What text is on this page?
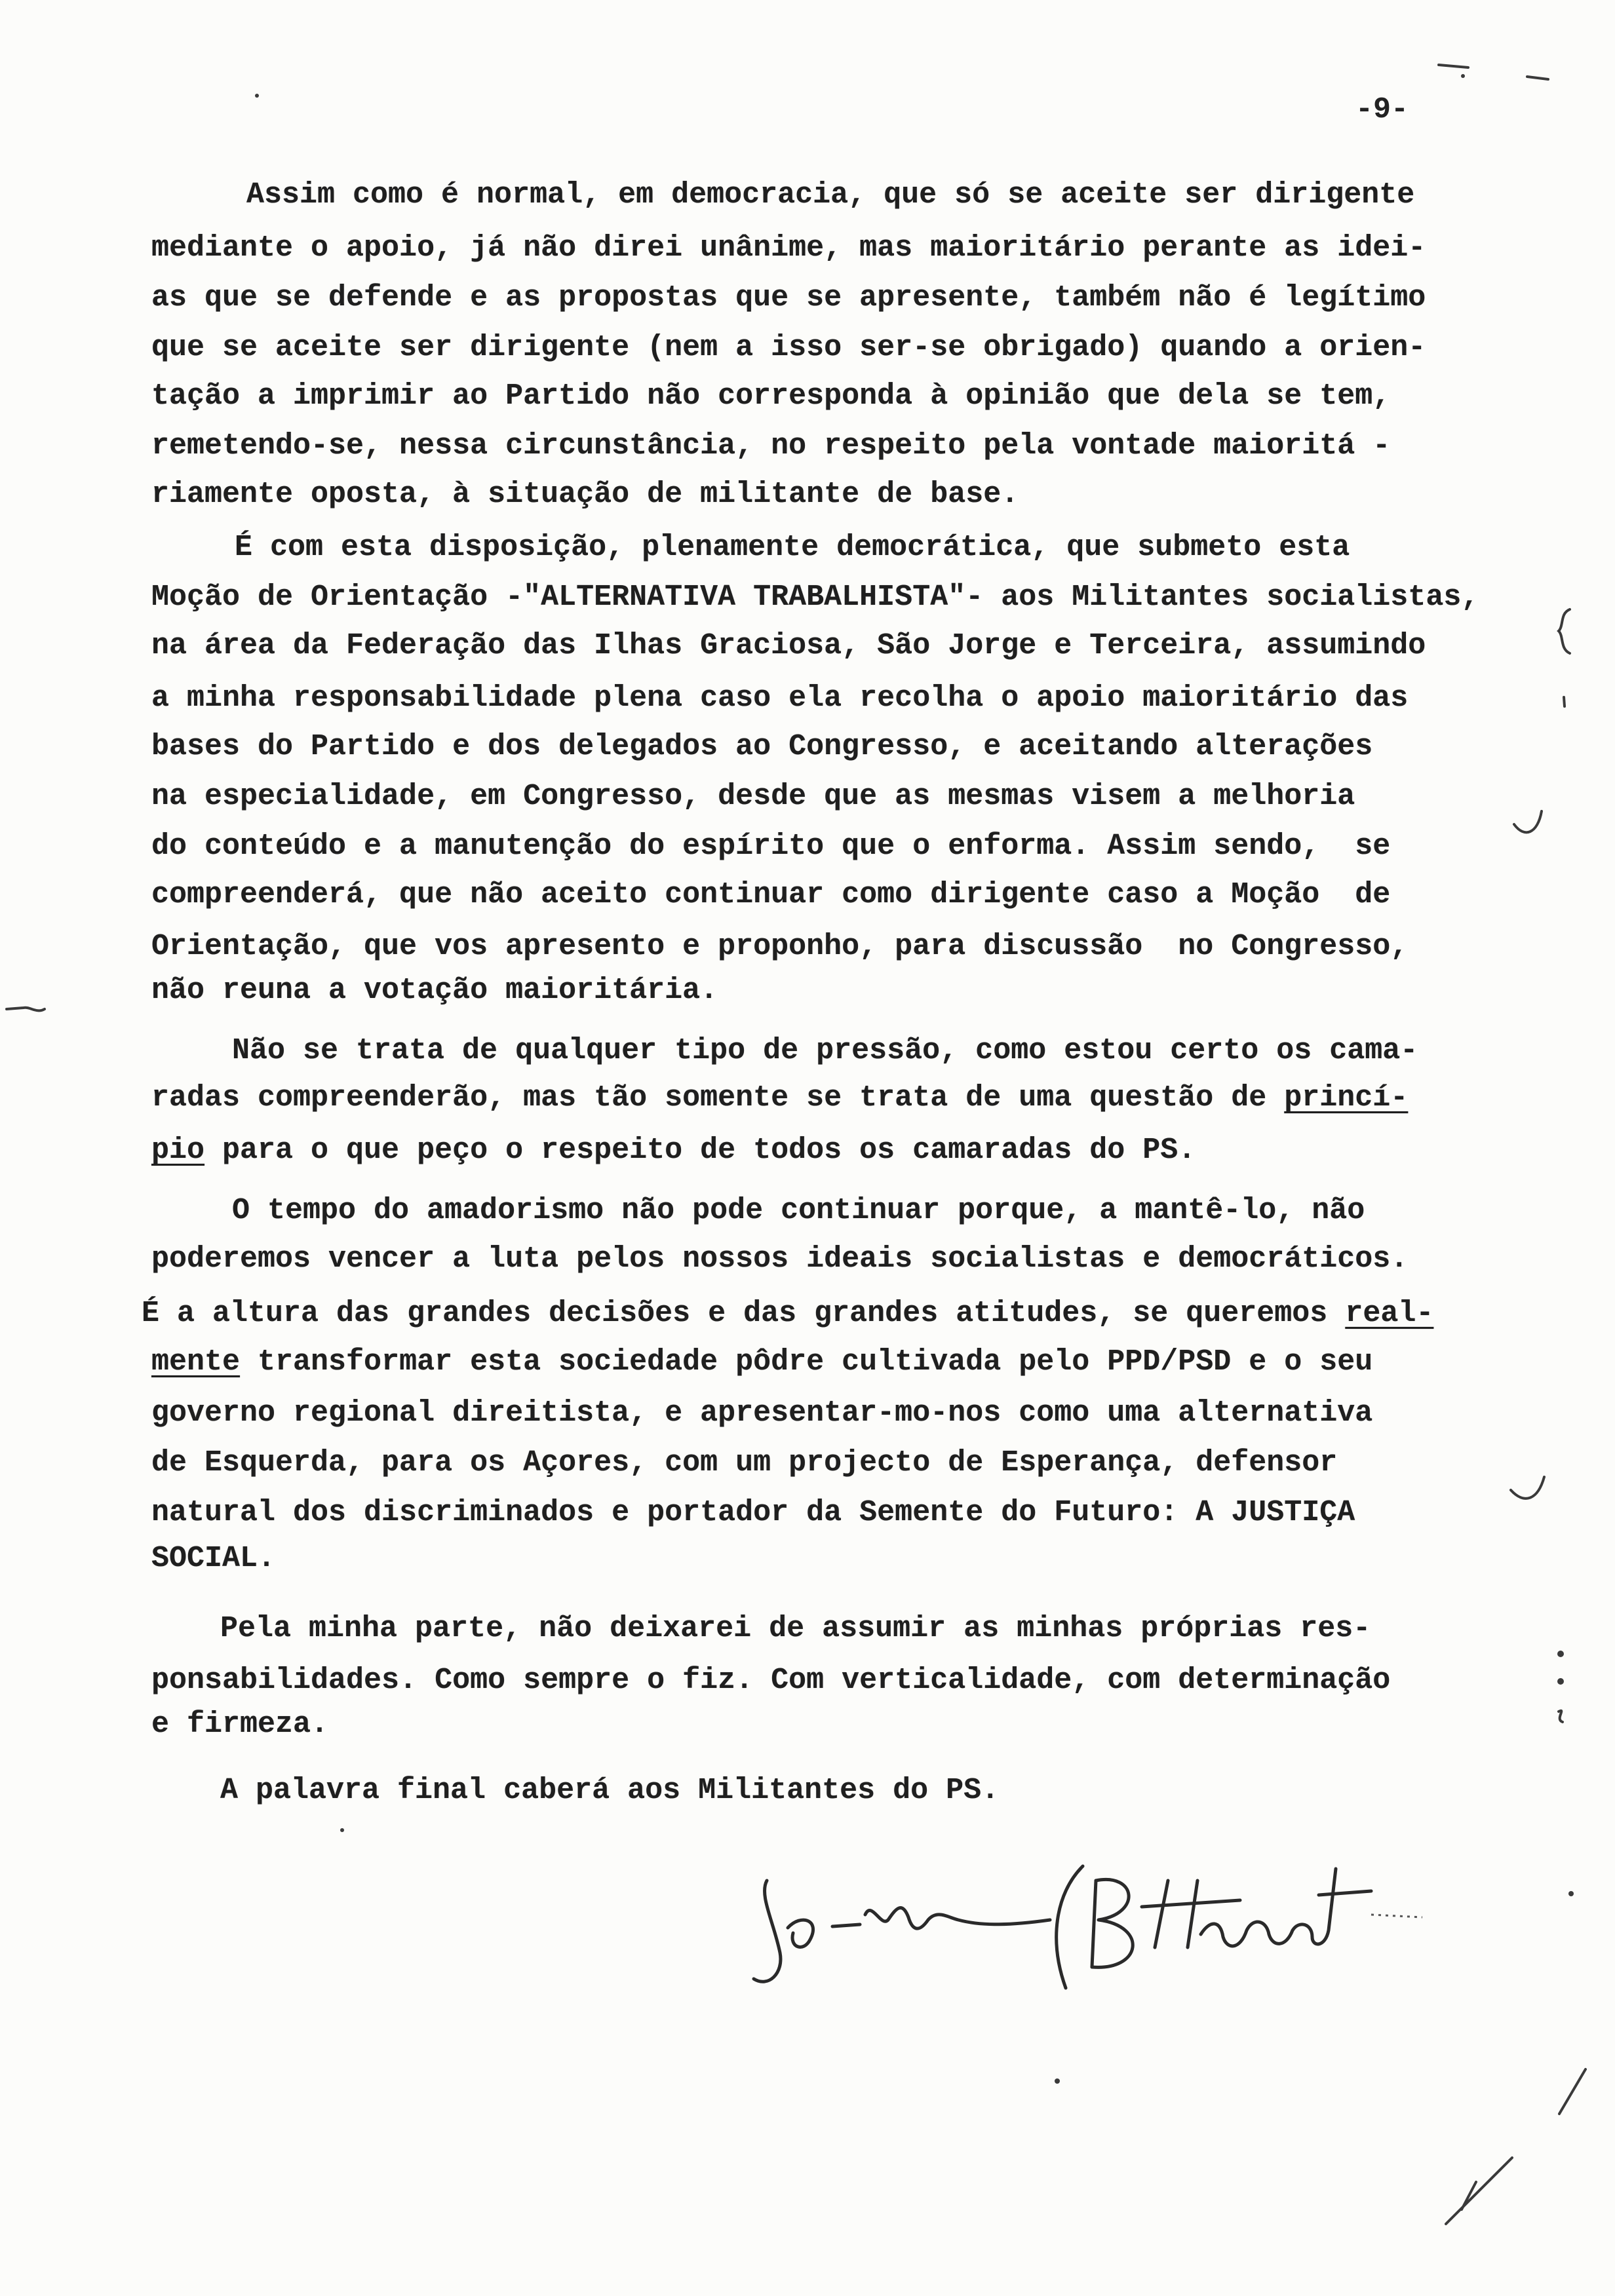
-9-
Assim como é normal, em democracia, que só se aceite ser dirigente
mediante o apoio, já não direi unânime, mas maioritário perante as idei-
as que se defende e as propostas que se apresente, também não é legítimo
que se aceite ser dirigente (nem a isso ser-se obrigado) quando a orien-
tação a imprimir ao Partido não corresponda à opinião que dela se tem,
remetendo-se, nessa circunstância, no respeito pela vontade maioritá -
riamente oposta, à situação de militante de base.
É com esta disposição, plenamente democrática, que submeto esta
Moção de Orientação -"ALTERNATIVA TRABALHISTA"- aos Militantes socialistas,
na área da Federação das Ilhas Graciosa, São Jorge e Terceira, assumindo
a minha responsabilidade plena caso ela recolha o apoio maioritário das
bases do Partido e dos delegados ao Congresso, e aceitando alterações
na especialidade, em Congresso, desde que as mesmas visem a melhoria
do conteúdo e a manutenção do espírito que o enforma. Assim sendo,  se
compreenderá, que não aceito continuar como dirigente caso a Moção  de
Orientação, que vos apresento e proponho, para discussão  no Congresso,
não reuna a votação maioritária.
Não se trata de qualquer tipo de pressão, como estou certo os cama-
radas compreenderão, mas tão somente se trata de uma questão de princí-
pio para o que peço o respeito de todos os camaradas do PS.
O tempo do amadorismo não pode continuar porque, a mantê-lo, não
poderemos vencer a luta pelos nossos ideais socialistas e democráticos.
É a altura das grandes decisões e das grandes atitudes, se queremos real-
mente transformar esta sociedade pôdre cultivada pelo PPD/PSD e o seu
governo regional direitista, e apresentar-mo-nos como uma alternativa
de Esquerda, para os Açores, com um projecto de Esperança, defensor
natural dos discriminados e portador da Semente do Futuro: A JUSTIÇA
SOCIAL.
Pela minha parte, não deixarei de assumir as minhas próprias res-
ponsabilidades. Como sempre o fiz. Com verticalidade, com determinação
e firmeza.
A palavra final caberá aos Militantes do PS.
